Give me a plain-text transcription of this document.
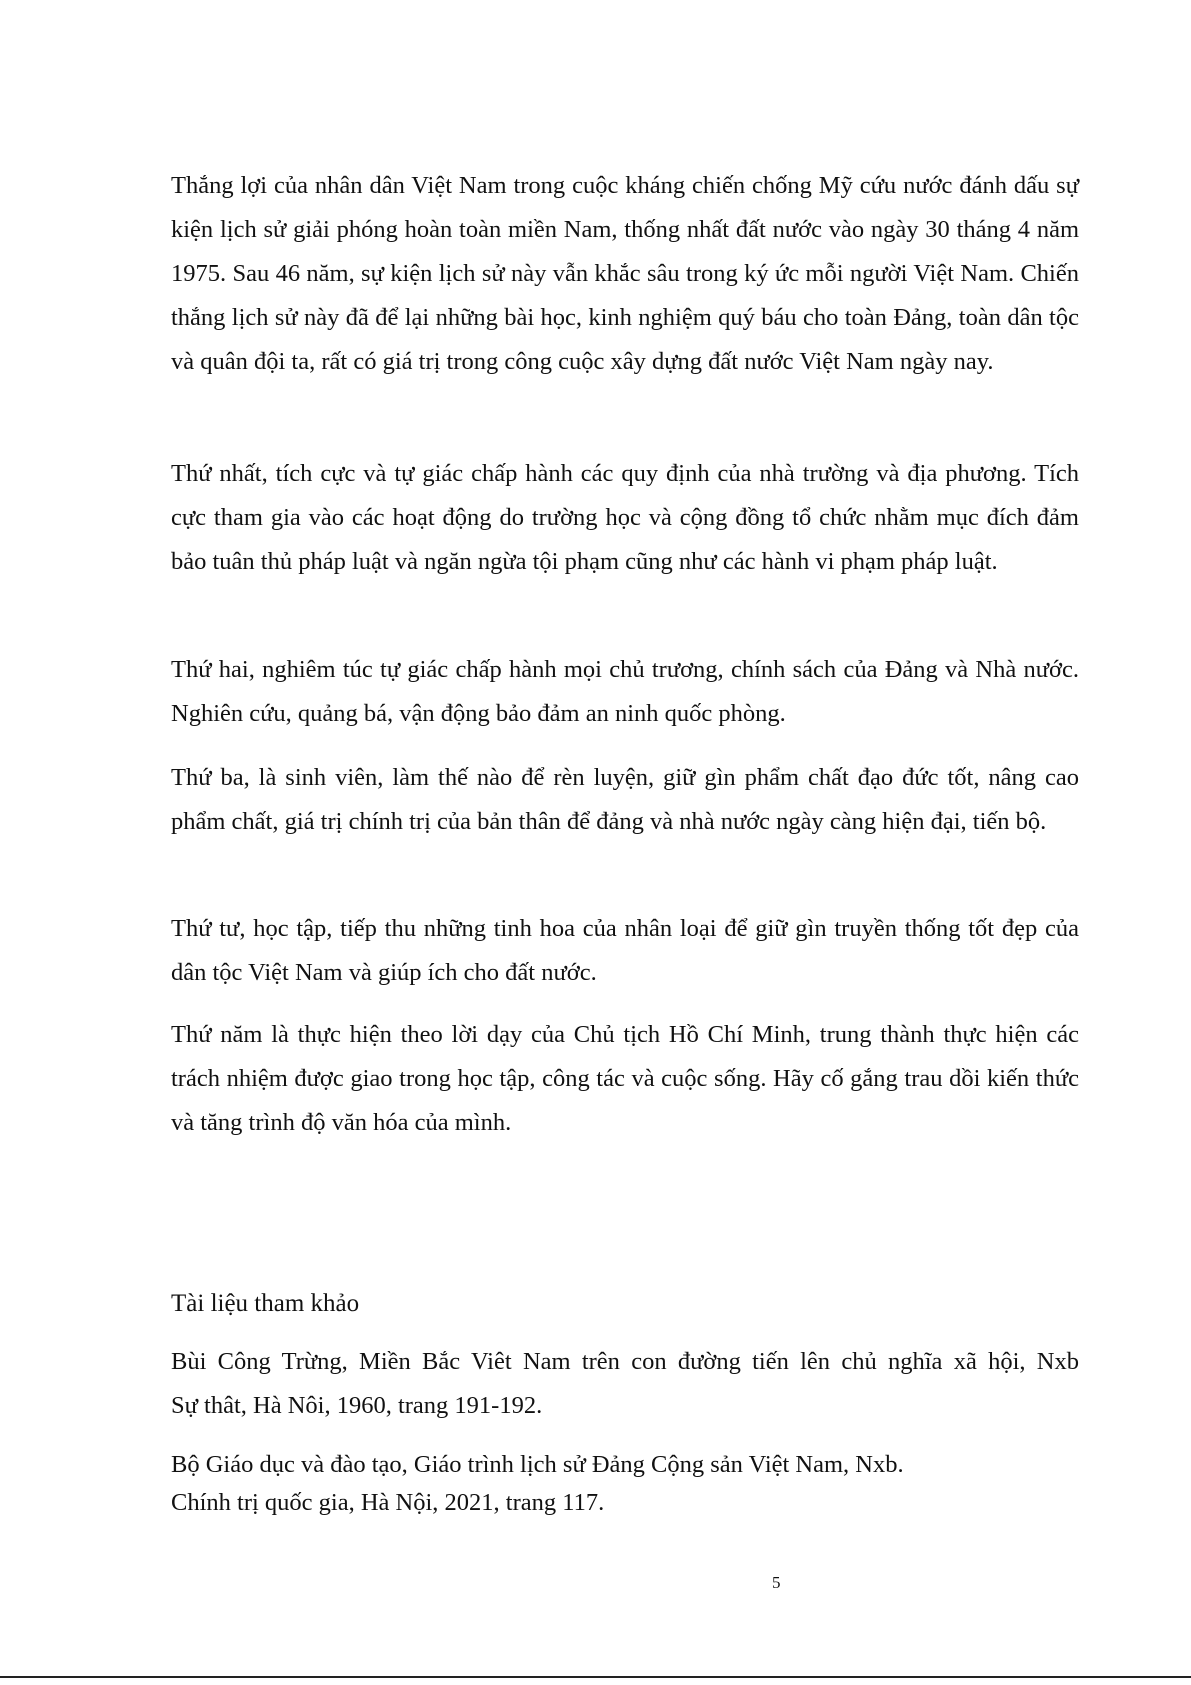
Thắng lợi của nhân dân Việt Nam trong cuộc kháng chiến chống Mỹ cứu nước đánh dấu sự kiện lịch sử giải phóng hoàn toàn miền Nam, thống nhất đất nước vào ngày 30 tháng 4 năm 1975. Sau 46 năm, sự kiện lịch sử này vẫn khắc sâu trong ký ức mỗi người Việt Nam. Chiến thắng lịch sử này đã để lại những bài học, kinh nghiệm quý báu cho toàn Đảng, toàn dân tộc và quân đội ta, rất có giá trị trong công cuộc xây dựng đất nước Việt Nam ngày nay.

Thứ nhất, tích cực và tự giác chấp hành các quy định của nhà trường và địa phương. Tích cực tham gia vào các hoạt động do trường học và cộng đồng tổ chức nhằm mục đích đảm bảo tuân thủ pháp luật và ngăn ngừa tội phạm cũng như các hành vi phạm pháp luật.

Thứ hai, nghiêm túc tự giác chấp hành mọi chủ trương, chính sách của Đảng và Nhà nước. Nghiên cứu, quảng bá, vận động bảo đảm an ninh quốc phòng.

Thứ ba, là sinh viên, làm thế nào để rèn luyện, giữ gìn phẩm chất đạo đức tốt, nâng cao phẩm chất, giá trị chính trị của bản thân để đảng và nhà nước ngày càng hiện đại, tiến bộ.

Thứ tư, học tập, tiếp thu những tinh hoa của nhân loại để giữ gìn truyền thống tốt đẹp của dân tộc Việt Nam và giúp ích cho đất nước.

Thứ năm là thực hiện theo lời dạy của Chủ tịch Hồ Chí Minh, trung thành thực hiện các trách nhiệm được giao trong học tập, công tác và cuộc sống. Hãy cố gắng trau dồi kiến thức và tăng trình độ văn hóa của mình.

Tài liệu tham khảo

Bùi Công Trừng, Miền Bắc Viêt Nam trên con đường tiến lên chủ nghĩa xã hội, Nxb
Sự thât, Hà Nôi, 1960, trang 191-192.

Bộ Giáo dục và đào tạo, Giáo trình lịch sử Đảng Cộng sản Việt Nam, Nxb.
Chính trị quốc gia, Hà Nội, 2021, trang 117.

5
